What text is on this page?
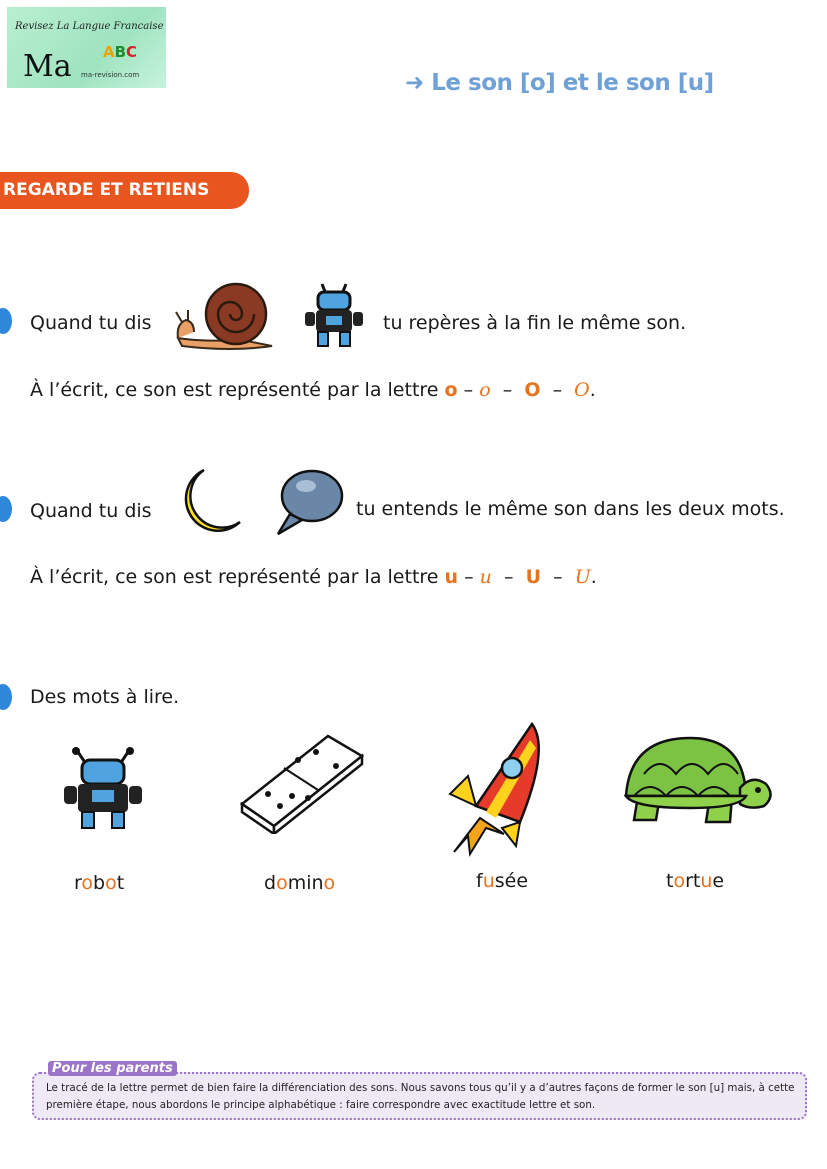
Revisez La Langue Francaise
Ma ABC
ma-revision.com	➜ Le son [o] et le son [u]
REGARDE ET RETIENS
Quand tu dis	tu repères à la fin le même son.
À l’écrit, ce son est représenté par la lettre o – o – O – O.
Quand tu dis	tu entends le même son dans les deux mots.
À l’écrit, ce son est représenté par la lettre u – u – U – U.
Des mots à lire.
robot	domino	fusée	tortue
Pour les parents
Le tracé de la lettre permet de bien faire la différenciation des sons. Nous savons tous qu’il y a d’autres façons de former le son [u] mais, à cette première étape, nous abordons le principe alphabétique : faire correspondre avec exactitude lettre et son.
